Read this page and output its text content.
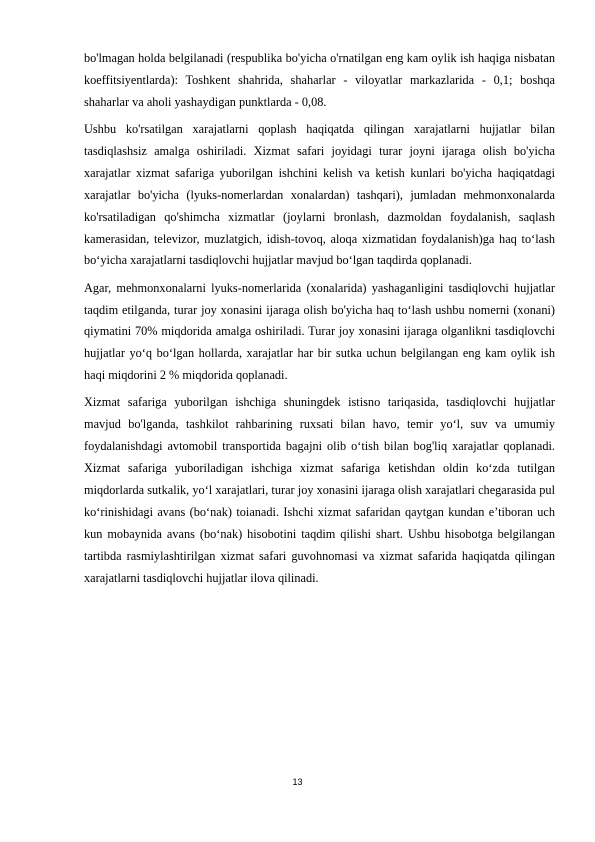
bo'lmagan holda belgilanadi (respublika bo'yicha o'rnatilgan eng kam oylik ish haqiga nisbatan koeffitsiyentlarda): Toshkent shahrida, shaharlar - viloyatlar markazlarida - 0,1; boshqa shaharlar va aholi yashaydigan punktlarda - 0,08.

Ushbu ko'rsatilgan xarajatlarni qoplash haqiqatda qilingan xarajatlarni hujjatlar bilan tasdiqlashsiz amalga oshiriladi. Xizmat safari joyidagi turar joyni ijaraga olish bo'yicha xarajatlar xizmat safariga yuborilgan ishchini kelish va ketish kunlari bo'yicha haqiqatdagi xarajatlar bo'yicha (lyuks-nomerlardan xonalardan) tashqari), jumladan mehmonxonalarda ko'rsatiladigan qo'shimcha xizmatlar (joylarni bronlash, dazmoldan foydalanish, saqlash kamerasidan, televizor, muzlatgich, idish-tovoq, aloqa xizmatidan foydalanish)ga haq to‘lash bo‘yicha xarajatlarni tasdiqlovchi hujjatlar mavjud bo‘lgan taqdirda qoplanadi.

Agar, mehmonxonalarni lyuks-nomerlarida (xonalarida) yashaganligini tasdiqlovchi hujjatlar taqdim etilganda, turar joy xonasini ijaraga olish bo'yicha haq to‘lash ushbu nomerni (xonani) qiymatini 70% miqdorida amalga oshiriladi. Turar joy xonasini ijaraga olganlikni tasdiqlovchi hujjatlar yo‘q bo‘lgan hollarda, xarajatlar har bir sutka uchun belgilangan eng kam oylik ish haqi miqdorini 2 % miqdorida qoplanadi.

Xizmat safariga yuborilgan ishchiga shuningdek istisno tariqasida, tasdiqlovchi hujjatlar mavjud bo'lganda, tashkilot rahbarining ruxsati bilan havo, temir yo‘l, suv va umumiy foydalanishdagi avtomobil transportida bagajni olib o‘tish bilan bog'liq xarajatlar qoplanadi. Xizmat safariga yuboriladigan ishchiga xizmat safariga ketishdan oldin ko‘zda tutilgan miqdorlarda sutkalik, yo‘l xarajatlari, turar joy xonasini ijaraga olish xarajatlari chegarasida pul ko‘rinishidagi avans (bo‘nak) toianadi. Ishchi xizmat safaridan qaytgan kundan e’tiboran uch kun mobaynida avans (bo‘nak) hisobotini taqdim qilishi shart. Ushbu hisobotga belgilangan tartibda rasmiylashtirilgan xizmat safari guvohnomasi va xizmat safarida haqiqatda qilingan xarajatlarni tasdiqlovchi hujjatlar ilova qilinadi.

13
